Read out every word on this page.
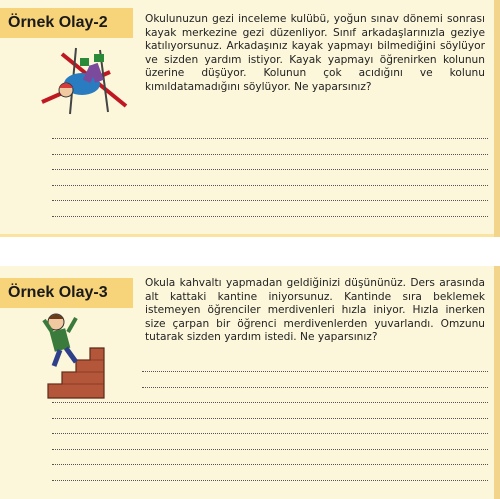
Örnek Olay-2	Okulunuzun gezi inceleme kulübü, yoğun sınav dönemi sonrası kayak merkezine gezi düzenliyor. Sınıf arkadaşlarınızla geziye katılıyorsunuz. Arkadaşınız kayak yapmayı bilmediğini söylüyor ve sizden yardım istiyor. Kayak yapmayı öğrenirken kolunun üzerine düşüyor. Kolunun çok acıdığını ve kolunu kımıldatamadığını söylüyor. Ne yaparsınız?

Örnek Olay-3

Okula kahvaltı yapmadan geldiğinizi düşününüz. Ders arasında alt kattaki kantine iniyorsunuz. Kantinde sıra beklemek istemeyen öğrenciler merdivenleri hızla iniyor. Hızla inerken size çarpan bir öğrenci merdivenlerden yuvarlandı. Omzunu tutarak sizden yardım istedi. Ne yaparsınız?
